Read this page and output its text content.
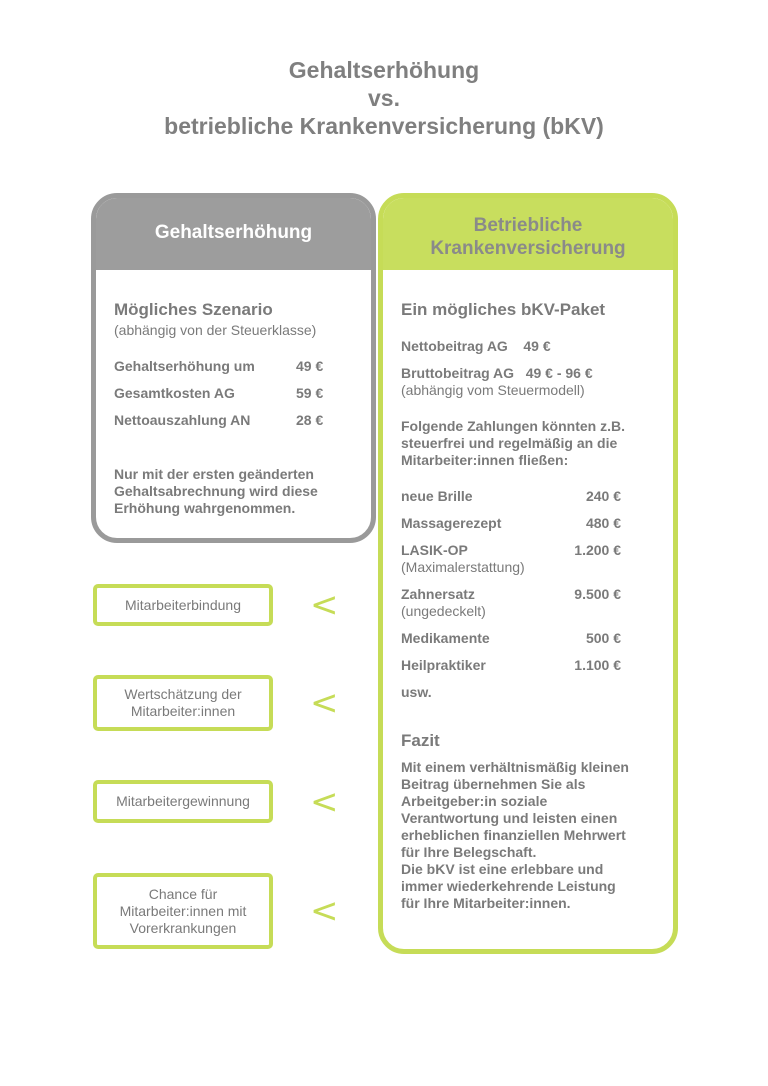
Gehaltserhöhung
vs.
betriebliche Krankenversicherung (bKV)
Gehaltserhöhung
Mögliches Szenario
(abhängig von der Steuerklasse)
Gehaltserhöhung um	49 €
Gesamtkosten AG	59 €
Nettoauszahlung AN	28 €
Nur mit der ersten geänderten
Gehaltsabrechnung wird diese
Erhöhung wahrgenommen.
Betriebliche
Krankenversicherung
Ein mögliches bKV-Paket
Nettobeitrag AG    49 €
Bruttobeitrag AG   49 € - 96 €
(abhängig vom Steuermodell)
Folgende Zahlungen könnten z.B.
steuerfrei und regelmäßig an die
Mitarbeiter:innen fließen:
neue Brille	240 €
Massagerezept	480 €
LASIK-OP	1.200 €
(Maximalerstattung)
Zahnersatz	9.500 €
(ungedeckelt)
Medikamente	500 €
Heilpraktiker	1.100 €
usw.
Fazit
Mit einem verhältnismäßig kleinen
Beitrag übernehmen Sie als
Arbeitgeber:in soziale
Verantwortung und leisten einen
erheblichen finanziellen Mehrwert
für Ihre Belegschaft.
Die bKV ist eine erlebbare und
immer wiederkehrende Leistung
für Ihre Mitarbeiter:innen.
Mitarbeiterbindung <
Wertschätzung der
Mitarbeiter:innen <
Mitarbeitergewinnung <
Chance für
Mitarbeiter:innen mit
Vorerkrankungen <
